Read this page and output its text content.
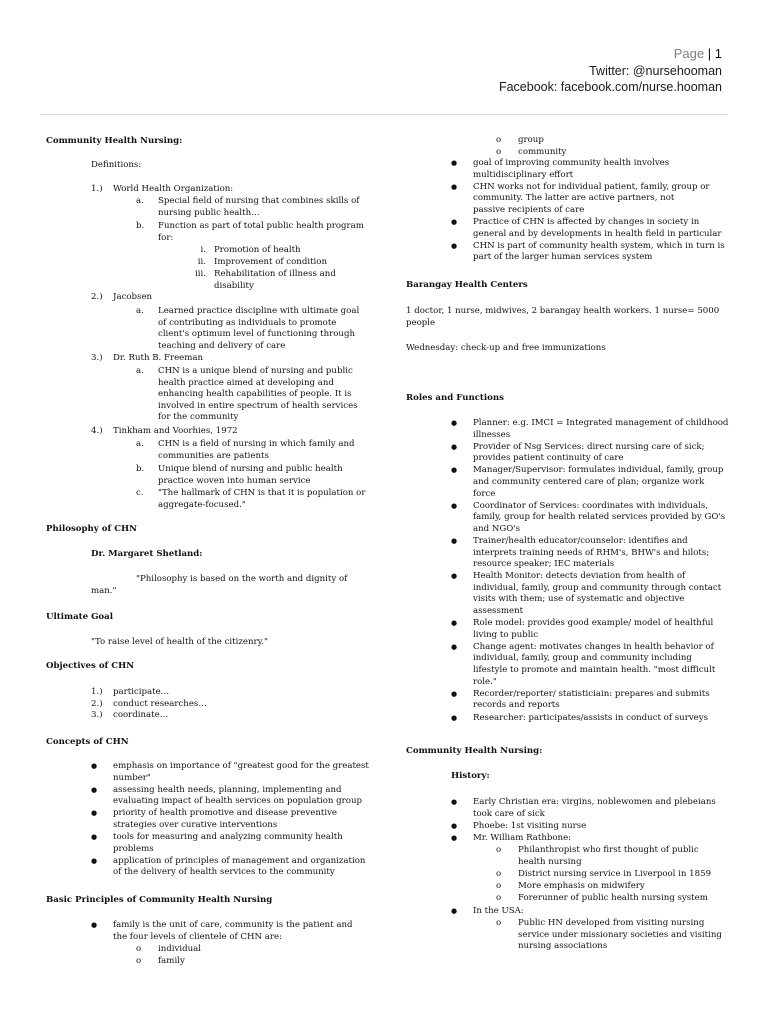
Page | 1
Twitter: @nursehooman
Facebook: facebook.com/nurse.hooman
Community Health Nursing:
Definitions:
1.) World Health Organization:
a. Special field of nursing that combines skills of
nursing public health…
b. Function as part of total public health program
for:
i. Promotion of health
ii. Improvement of condition
iii. Rehabilitation of illness and
disability
2.) Jacobsen
a. Learned practice discipline with ultimate goal
of contributing as individuals to promote
client's optimum level of functioning through
teaching and delivery of care
3.) Dr. Ruth B. Freeman
a. CHN is a unique blend of nursing and public
health practice aimed at developing and
enhancing health capabilities of people. It is
involved in entire spectrum of health services
for the community
4.) Tinkham and Voorhies, 1972
a. CHN is a field of nursing in which family and
communities are patients
b. Unique blend of nursing and public health
practice woven into human service
c. "The hallmark of CHN is that it is population or
aggregate-focused."
Philosophy of CHN
Dr. Margaret Shetland:
"Philosophy is based on the worth and dignity of
man."
Ultimate Goal
"To raise level of health of the citizenry."
Objectives of CHN
1.) participate…
2.) conduct researches…
3.) coordinate…
Concepts of CHN
● emphasis on importance of "greatest good for the greatest
number"
● assessing health needs, planning, implementing and
evaluating impact of health services on population group
● priority of health promotive and disease preventive
strategies over curative interventions
● tools for measuring and analyzing community health
problems
● application of principles of management and organization
of the delivery of health services to the community
Basic Principles of Community Health Nursing
● family is the unit of care, community is the patient and
the four levels of clientele of CHN are:
o individual
o family
o group
o community
● goal of improving community health involves
multidisciplinary effort
● CHN works not for individual patient, family, group or
community. The latter are active partners, not
passive recipients of care
● Practice of CHN is affected by changes in society in
general and by developments in health field in particular
● CHN is part of community health system, which in turn is
part of the larger human services system
Barangay Health Centers
1 doctor, 1 nurse, midwives, 2 barangay health workers. 1 nurse= 5000
people
Wednesday: check-up and free immunizations
Roles and Functions
● Planner: e.g. IMCI = Integrated management of childhood
illnesses
● Provider of Nsg Services: direct nursing care of sick;
provides patient continuity of care
● Manager/Supervisor: formulates individual, family, group
and community centered care of plan; organize work
force
● Coordinator of Services: coordinates with individuals,
family, group for health related services provided by GO's
and NGO's
● Trainer/health educator/counselor: identifies and
interprets training needs of RHM's, BHW's and hilots;
resource speaker; IEC materials
● Health Monitor: detects deviation from health of
individual, family, group and community through contact
visits with them; use of systematic and objective
assessment
● Role model: provides good example/ model of healthful
living to public
● Change agent: motivates changes in health behavior of
individual, family, group and community including
lifestyle to promote and maintain health. "most difficult
role."
● Recorder/reporter/ statisticiain: prepares and submits
records and reports
● Researcher: participates/assists in conduct of surveys
Community Health Nursing:
History:
● Early Christian era: virgins, noblewomen and plebeians
took care of sick
● Phoebe: 1st visiting nurse
● Mr. William Rathbone:
o Philanthropist who first thought of public
health nursing
o District nursing service in Liverpool in 1859
o More emphasis on midwifery
o Forerunner of public health nursing system
● In the USA:
o Public HN developed from visiting nursing
service under missionary societies and visiting
nursing associations
